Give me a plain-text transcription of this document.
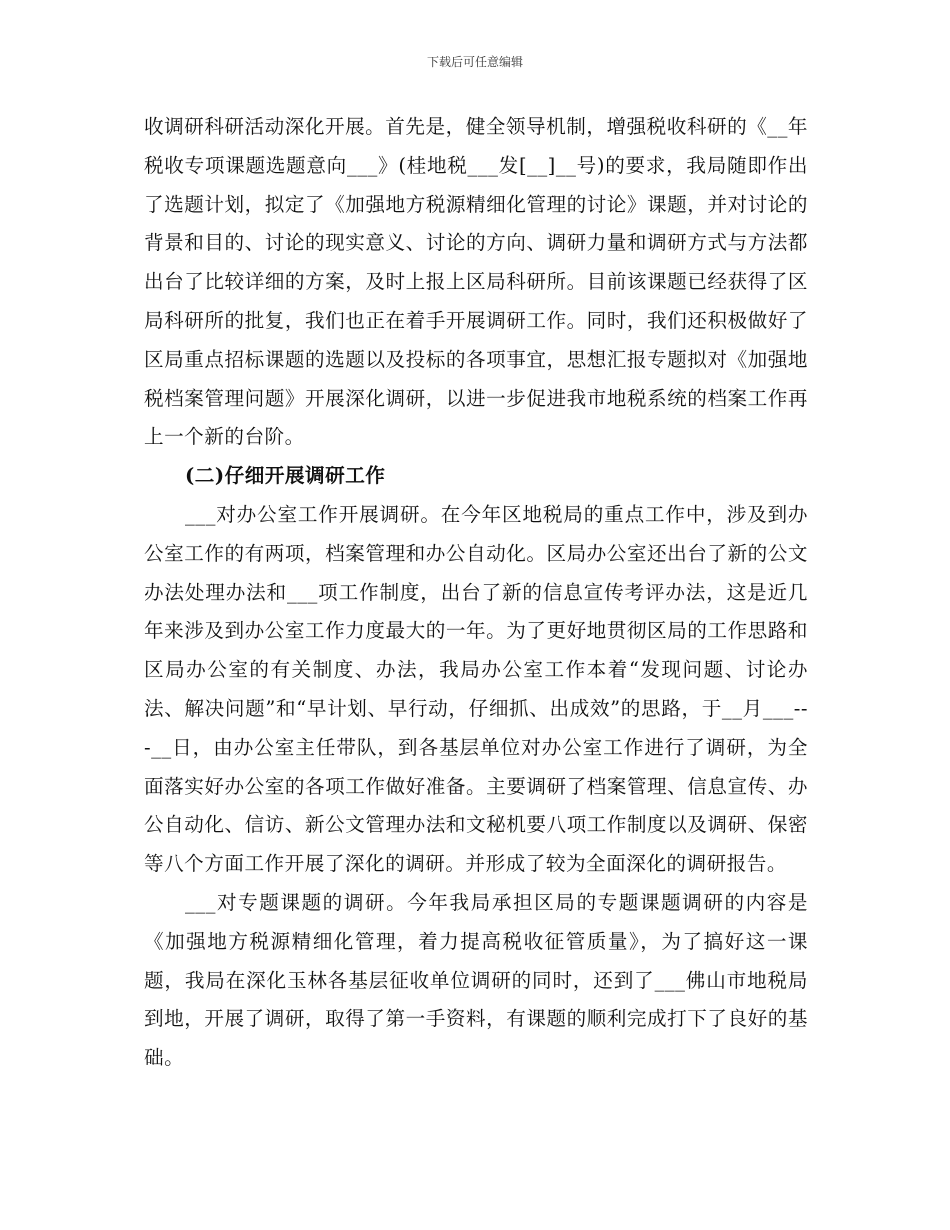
下载后可任意编辑

收调研科研活动深化开展。首先是，健全领导机制，增强税收科研的《__年税收专项课题选题意向___》(桂地税___发[__]__号)的要求，我局随即作出了选题计划，拟定了《加强地方税源精细化管理的讨论》课题，并对讨论的背景和目的、讨论的现实意义、讨论的方向、调研力量和调研方式与方法都出台了比较详细的方案，及时上报上区局科研所。目前该课题已经获得了区局科研所的批复，我们也正在着手开展调研工作。同时，我们还积极做好了区局重点招标课题的选题以及投标的各项事宜，思想汇报专题拟对《加强地税档案管理问题》开展深化调研，以进一步促进我市地税系统的档案工作再上一个新的台阶。

(二)仔细开展调研工作

___对办公室工作开展调研。在今年区地税局的重点工作中，涉及到办公室工作的有两项，档案管理和办公自动化。区局办公室还出台了新的公文办法处理办法和___项工作制度，出台了新的信息宣传考评办法，这是近几年来涉及到办公室工作力度最大的一年。为了更好地贯彻区局的工作思路和区局办公室的有关制度、办法，我局办公室工作本着“发现问题、讨论办法、解决问题”和“早计划、早行动，仔细抓、出成效”的思路，于__月___---__日，由办公室主任带队，到各基层单位对办公室工作进行了调研，为全面落实好办公室的各项工作做好准备。主要调研了档案管理、信息宣传、办公自动化、信访、新公文管理办法和文秘机要八项工作制度以及调研、保密等八个方面工作开展了深化的调研。并形成了较为全面深化的调研报告。

___对专题课题的调研。今年我局承担区局的专题课题调研的内容是《加强地方税源精细化管理，着力提高税收征管质量》，为了搞好这一课题，我局在深化玉林各基层征收单位调研的同时，还到了___佛山市地税局到地，开展了调研，取得了第一手资料，有课题的顺利完成打下了良好的基础。
